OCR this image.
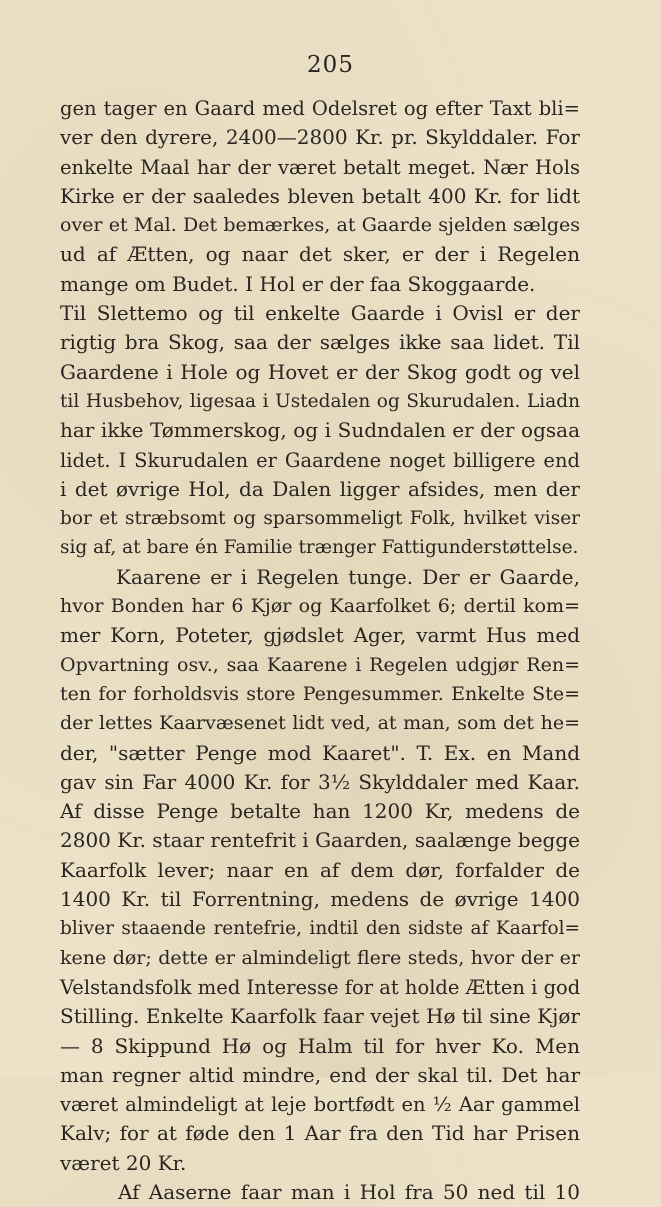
205
gen tager en Gaard med Odelsret og efter Taxt bli=
ver den dyrere, 2400—2800 Kr. pr. Skylddaler. For
enkelte Maal har der været betalt meget. Nær Hols
Kirke er der saaledes bleven betalt 400 Kr. for lidt
over et Mal. Det bemærkes, at Gaarde sjelden sælges
ud af Ætten, og naar det sker, er der i Regelen
mange om Budet. I Hol er der faa Skoggaarde.
Til Slettemo og til enkelte Gaarde i Ovisl er der
rigtig bra Skog, saa der sælges ikke saa lidet. Til
Gaardene i Hole og Hovet er der Skog godt og vel
til Husbehov, ligesaa i Ustedalen og Skurudalen. Liadn
har ikke Tømmerskog, og i Sudndalen er der ogsaa
lidet. I Skurudalen er Gaardene noget billigere end
i det øvrige Hol, da Dalen ligger afsides, men der
bor et stræbsomt og sparsommeligt Folk, hvilket viser
sig af, at bare én Familie trænger Fattigunderstøttelse.
Kaarene er i Regelen tunge. Der er Gaarde,
hvor Bonden har 6 Kjør og Kaarfolket 6; dertil kom=
mer Korn, Poteter, gjødslet Ager, varmt Hus med
Opvartning osv., saa Kaarene i Regelen udgjør Ren=
ten for forholdsvis store Pengesummer. Enkelte Ste=
der lettes Kaarvæsenet lidt ved, at man, som det he=
der, "sætter Penge mod Kaaret". T. Ex. en Mand
gav sin Far 4000 Kr. for 3½ Skylddaler med Kaar.
Af disse Penge betalte han 1200 Kr, medens de
2800 Kr. staar rentefrit i Gaarden, saalænge begge
Kaarfolk lever; naar en af dem dør, forfalder de
1400 Kr. til Forrentning, medens de øvrige 1400
bliver staaende rentefrie, indtil den sidste af Kaarfol=
kene dør; dette er almindeligt flere steds, hvor der er
Velstandsfolk med Interesse for at holde Ætten i god
Stilling. Enkelte Kaarfolk faar vejet Hø til sine Kjør
— 8 Skippund Hø og Halm til for hver Ko. Men
man regner altid mindre, end der skal til. Det har
været almindeligt at leje bortfødt en ½ Aar gammel
Kalv; for at føde den 1 Aar fra den Tid har Prisen
været 20 Kr.
Af Aaserne faar man i Hol fra 50 ned til 10
